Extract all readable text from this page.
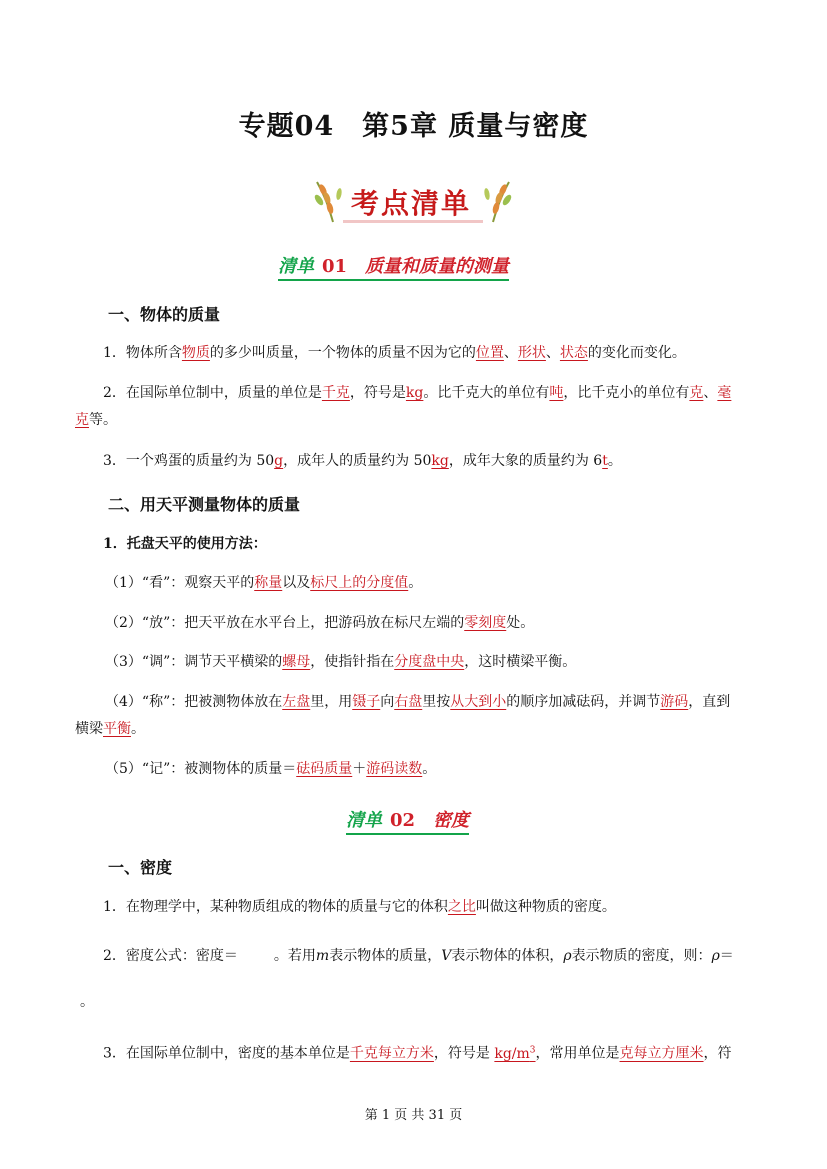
专题04　第5章 质量与密度
考点清单
清单 01 质量和质量的测量
一、物体的质量
1．物体所含物质的多少叫质量，一个物体的质量不因为它的位置、形状、状态的变化而变化。
2．在国际单位制中，质量的单位是千克，符号是kg。比千克大的单位有吨，比千克小的单位有克、毫
克等。
3．一个鸡蛋的质量约为 50g，成年人的质量约为 50kg，成年大象的质量约为 6t。
二、用天平测量物体的质量
1．托盘天平的使用方法：
（1）“看”：观察天平的称量以及标尺上的分度值。
（2）“放”：把天平放在水平台上，把游码放在标尺左端的零刻度处。
（3）“调”：调节天平横梁的螺母，使指针指在分度盘中央，这时横梁平衡。
（4）“称”：把被测物体放在左盘里，用镊子向右盘里按从大到小的顺序加减砝码，并调节游码，直到
横梁平衡。
（5）“记”：被测物体的质量＝砝码质量＋游码读数。
清单 02 密度
一、密度
1．在物理学中，某种物质组成的物体的质量与它的体积之比叫做这种物质的密度。
2．密度公式：密度＝	。若用m表示物体的质量，V表示物体的体积，ρ表示物质的密度，则：ρ＝
。
3．在国际单位制中，密度的基本单位是千克每立方米，符号是 $kg/m^3$，常用单位是克每立方厘米，符
第 1 页 共 31 页
